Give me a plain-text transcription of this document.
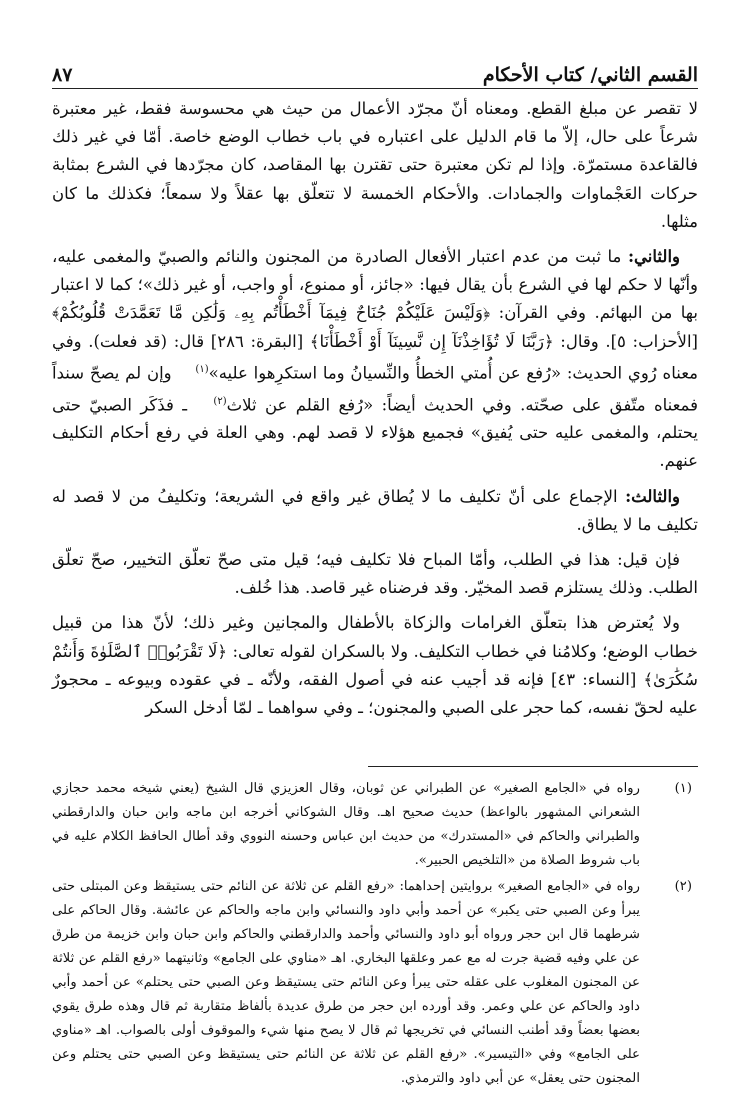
القسم الثاني/ كتاب الأحكام
٨٧

لا تقصر عن مبلغ القطع. ومعناه أنّ مجرّد الأعمال من حيث هي محسوسة فقط، غير معتبرة شرعاً على حال، إلاّ ما قام الدليل على اعتباره في باب خطاب الوضع خاصة. أمّا في غير ذلك فالقاعدة مستمرّة. وإذا لم تكن معتبرة حتى تقترن بها المقاصد، كان مجرّدها في الشرع بمثابة حركات العَجْماوات والجمادات. والأحكام الخمسة لا تتعلّق بها عقلاً ولا سمعاً؛ فكذلك ما كان مثلها.

والثاني: ما ثبت من عدم اعتبار الأفعال الصادرة من المجنون والنائم والصبيّ والمغمى عليه، وأنّها لا حكم لها في الشرع بأن يقال فيها: «جائز، أو ممنوع، أو واجب، أو غير ذلك»؛ كما لا اعتبار بها من البهائم. وفي القرآن: ﴿وَلَيْسَ عَلَيْكُمْ جُنَاحٌ فِيمَآ أَخْطَأْتُم بِهِۦ وَلَٰكِن مَّا تَعَمَّدَتْ قُلُوبُكُمْ﴾ [الأحزاب: ٥]. وقال: ﴿رَبَّنَا لَا تُؤَاخِذْنَآ إِن نَّسِينَآ أَوْ أَخْطَأْنَا﴾ [البقرة: ٢٨٦] قال: (قد فعلت). وفي معناه رُوي الحديث: «رُفع عن أُمتي الخطأُ والنِّسيانُ وما استكرِهوا عليه»(١) وإن لم يصحّ سنداً فمعناه متّفق على صحّته. وفي الحديث أيضاً: «رُفع القلم عن ثلاث(٢) ـ فذَكَر الصبيّ حتى يحتلم، والمغمى عليه حتى يُفيق» فجميع هؤلاء لا قصد لهم. وهي العلة في رفع أحكام التكليف عنهم.

والثالث: الإجماع على أنّ تكليف ما لا يُطاق غير واقع في الشريعة؛ وتكليفُ من لا قصد له تكليف ما لا يطاق.

فإن قيل: هذا في الطلب، وأمّا المباح فلا تكليف فيه؛ قيل متى صحّ تعلّق التخيير، صحّ تعلّق الطلب. وذلك يستلزم قصد المخيّر. وقد فرضناه غير قاصد. هذا خُلف.

ولا يُعترض هذا بتعلّق الغرامات والزكاة بالأطفال والمجانين وغير ذلك؛ لأنّ هذا من قبيل خطاب الوضع؛ وكلامُنا في خطاب التكليف. ولا بالسكران لقوله تعالى: ﴿لَا تَقْرَبُوا۟ ٱلصَّلَوٰةَ وَأَنتُمْ سُكَٰرَىٰ﴾ [النساء: ٤٣] فإنه قد أجيب عنه في أصول الفقه، ولأنّه ـ في عقوده وبيوعه ـ محجورٌ عليه لحقّ نفسه، كما حجر على الصبي والمجنون؛ ـ وفي سواهما ـ لمّا أدخل السكر

(١)
رواه في «الجامع الصغير» عن الطبراني عن ثوبان، وقال العزيزي قال الشيخ (يعني شيخه محمد حجازي الشعراني المشهور بالواعظ) حديث صحيح اهـ. وقال الشوكاني أخرجه ابن ماجه وابن حبان والدارقطني والطبراني والحاكم في «المستدرك» من حديث ابن عباس وحسنه النووي وقد أطال الحافظ الكلام عليه في باب شروط الصلاة من «التلخيص الحبير».
(٢)
رواه في «الجامع الصغير» بروايتين إحداهما: «رفع القلم عن ثلاثة عن النائم حتى يستيقظ وعن المبتلى حتى يبرأ وعن الصبي حتى يكبر» عن أحمد وأبي داود والنسائي وابن ماجه والحاكم عن عائشة. وقال الحاكم على شرطهما قال ابن حجر ورواه أبو داود والنسائي وأحمد والدارقطني والحاكم وابن حبان وابن خزيمة من طرق عن علي وفيه قضية جرت له مع عمر وعلقها البخاري. اهـ «مناوي على الجامع» وثانيتهما «رفع القلم عن ثلاثة عن المجنون المغلوب على عقله حتى يبرأ وعن النائم حتى يستيقظ وعن الصبي حتى يحتلم» عن أحمد وأبي داود والحاكم عن علي وعمر. وقد أورده ابن حجر من طرق عديدة بألفاظ متقاربة ثم قال وهذه طرق يقوي بعضها بعضاً وقد أطنب النسائي في تخريجها ثم قال لا يصح منها شيء والموقوف أولى بالصواب. اهـ «مناوي على الجامع» وفي «التيسير». «رفع القلم عن ثلاثة عن النائم حتى يستيقظ وعن الصبي حتى يحتلم وعن المجنون حتى يعقل» عن أبي داود والترمذي.
